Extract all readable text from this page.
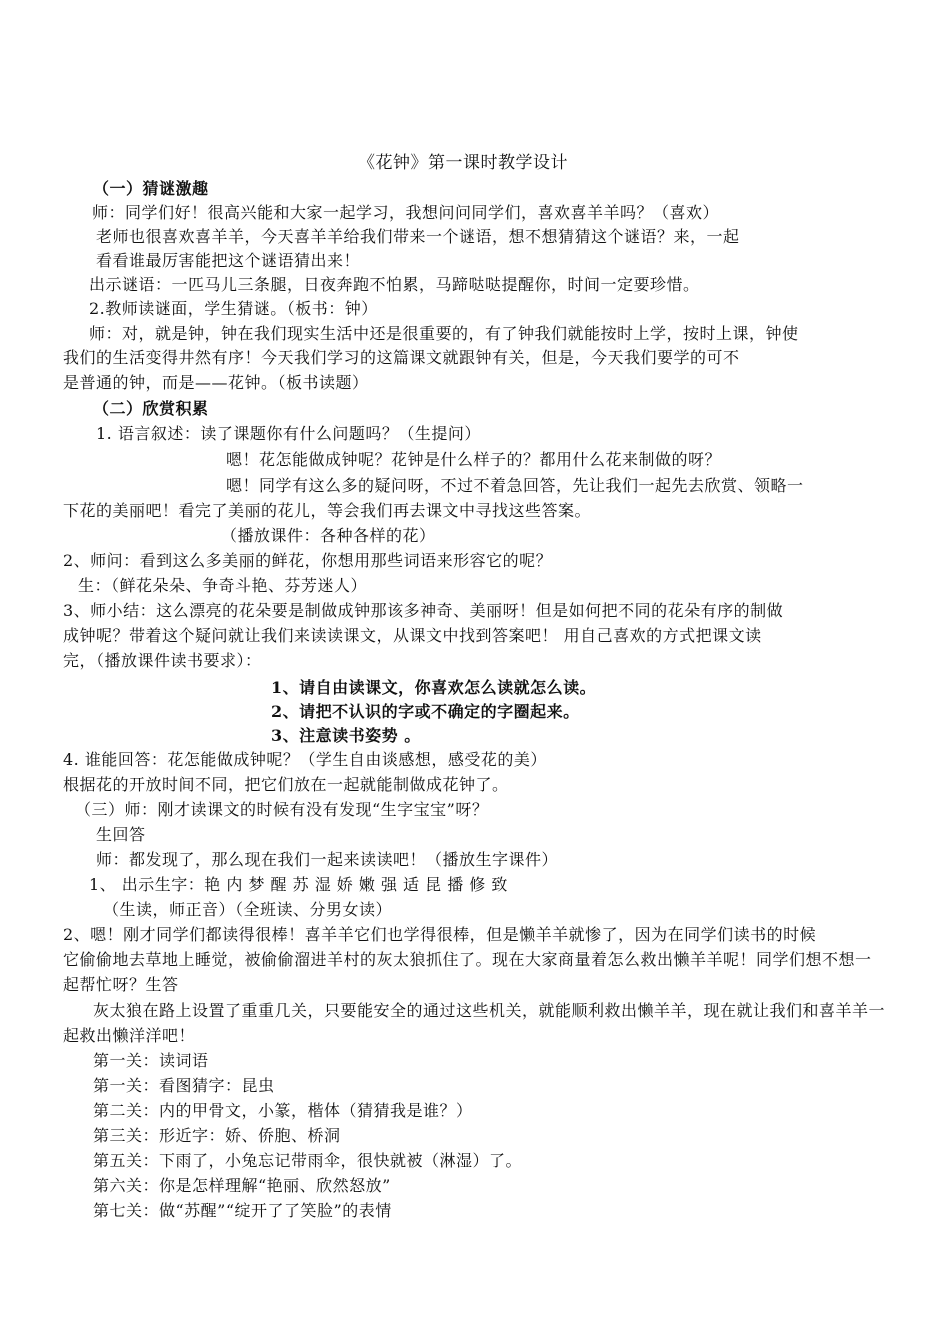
《花钟》第一课时教学设计

（一）猜谜激趣

师：同学们好！很高兴能和大家一起学习，我想问问同学们，喜欢喜羊羊吗？（喜欢）

老师也很喜欢喜羊羊，今天喜羊羊给我们带来一个谜语，想不想猜猜这个谜语？来，一起

看看谁最厉害能把这个谜语猜出来！

出示谜语：一匹马儿三条腿，日夜奔跑不怕累，马蹄哒哒提醒你，时间一定要珍惜。

2.教师读谜面，学生猜谜。（板书：钟）

师：对，就是钟，钟在我们现实生活中还是很重要的，有了钟我们就能按时上学，按时上课，钟使

我们的生活变得井然有序！今天我们学习的这篇课文就跟钟有关，但是，今天我们要学的可不

是普通的钟，而是——花钟。（板书读题）

（二）欣赏积累

1. 语言叙述：读了课题你有什么问题吗？（生提问）

嗯！花怎能做成钟呢？花钟是什么样子的？都用什么花来制做的呀？

嗯！同学有这么多的疑问呀，不过不着急回答，先让我们一起先去欣赏、领略一

下花的美丽吧！看完了美丽的花儿，等会我们再去课文中寻找这些答案。

（播放课件：各种各样的花）

2、师问：看到这么多美丽的鲜花，你想用那些词语来形容它的呢？

生：（鲜花朵朵、争奇斗艳、芬芳迷人）

3、师小结：这么漂亮的花朵要是制做成钟那该多神奇、美丽呀！但是如何把不同的花朵有序的制做

成钟呢？带着这个疑问就让我们来读读课文，从课文中找到答案吧！ 用自己喜欢的方式把课文读

完，（播放课件读书要求）：

1、请自由读课文，你喜欢怎么读就怎么读。

2、请把不认识的字或不确定的字圈起来。

3、注意读书姿势 。

4. 谁能回答：花怎能做成钟呢？（学生自由谈感想，感受花的美）

根据花的开放时间不同，把它们放在一起就能制做成花钟了。

（三）师：刚才读课文的时候有没有发现“生字宝宝”呀？

生回答

师：都发现了，那么现在我们一起来读读吧！（播放生字课件）

1、 出示生字：艳 内 梦 醒 苏 湿 娇 嫩 强 适 昆 播 修 致

（生读，师正音）（全班读、分男女读）

2、嗯！刚才同学们都读得很棒！喜羊羊它们也学得很棒，但是懒羊羊就惨了，因为在同学们读书的时候

它偷偷地去草地上睡觉，被偷偷溜进羊村的灰太狼抓住了。现在大家商量着怎么救出懒羊羊呢！同学们想不想一

起帮忙呀？生答

灰太狼在路上设置了重重几关，只要能安全的通过这些机关，就能顺利救出懒羊羊，现在就让我们和喜羊羊一

起救出懒洋洋吧！

第一关：读词语

第一关：看图猜字：昆虫

第二关：内的甲骨文，小篆，楷体（猜猜我是谁？）

第三关：形近字：娇、侨胞、桥洞

第五关：下雨了，小兔忘记带雨伞，很快就被（淋湿）了。

第六关：你是怎样理解“艳丽、欣然怒放”

第七关：做“苏醒”“绽开了了笑脸”的表情
